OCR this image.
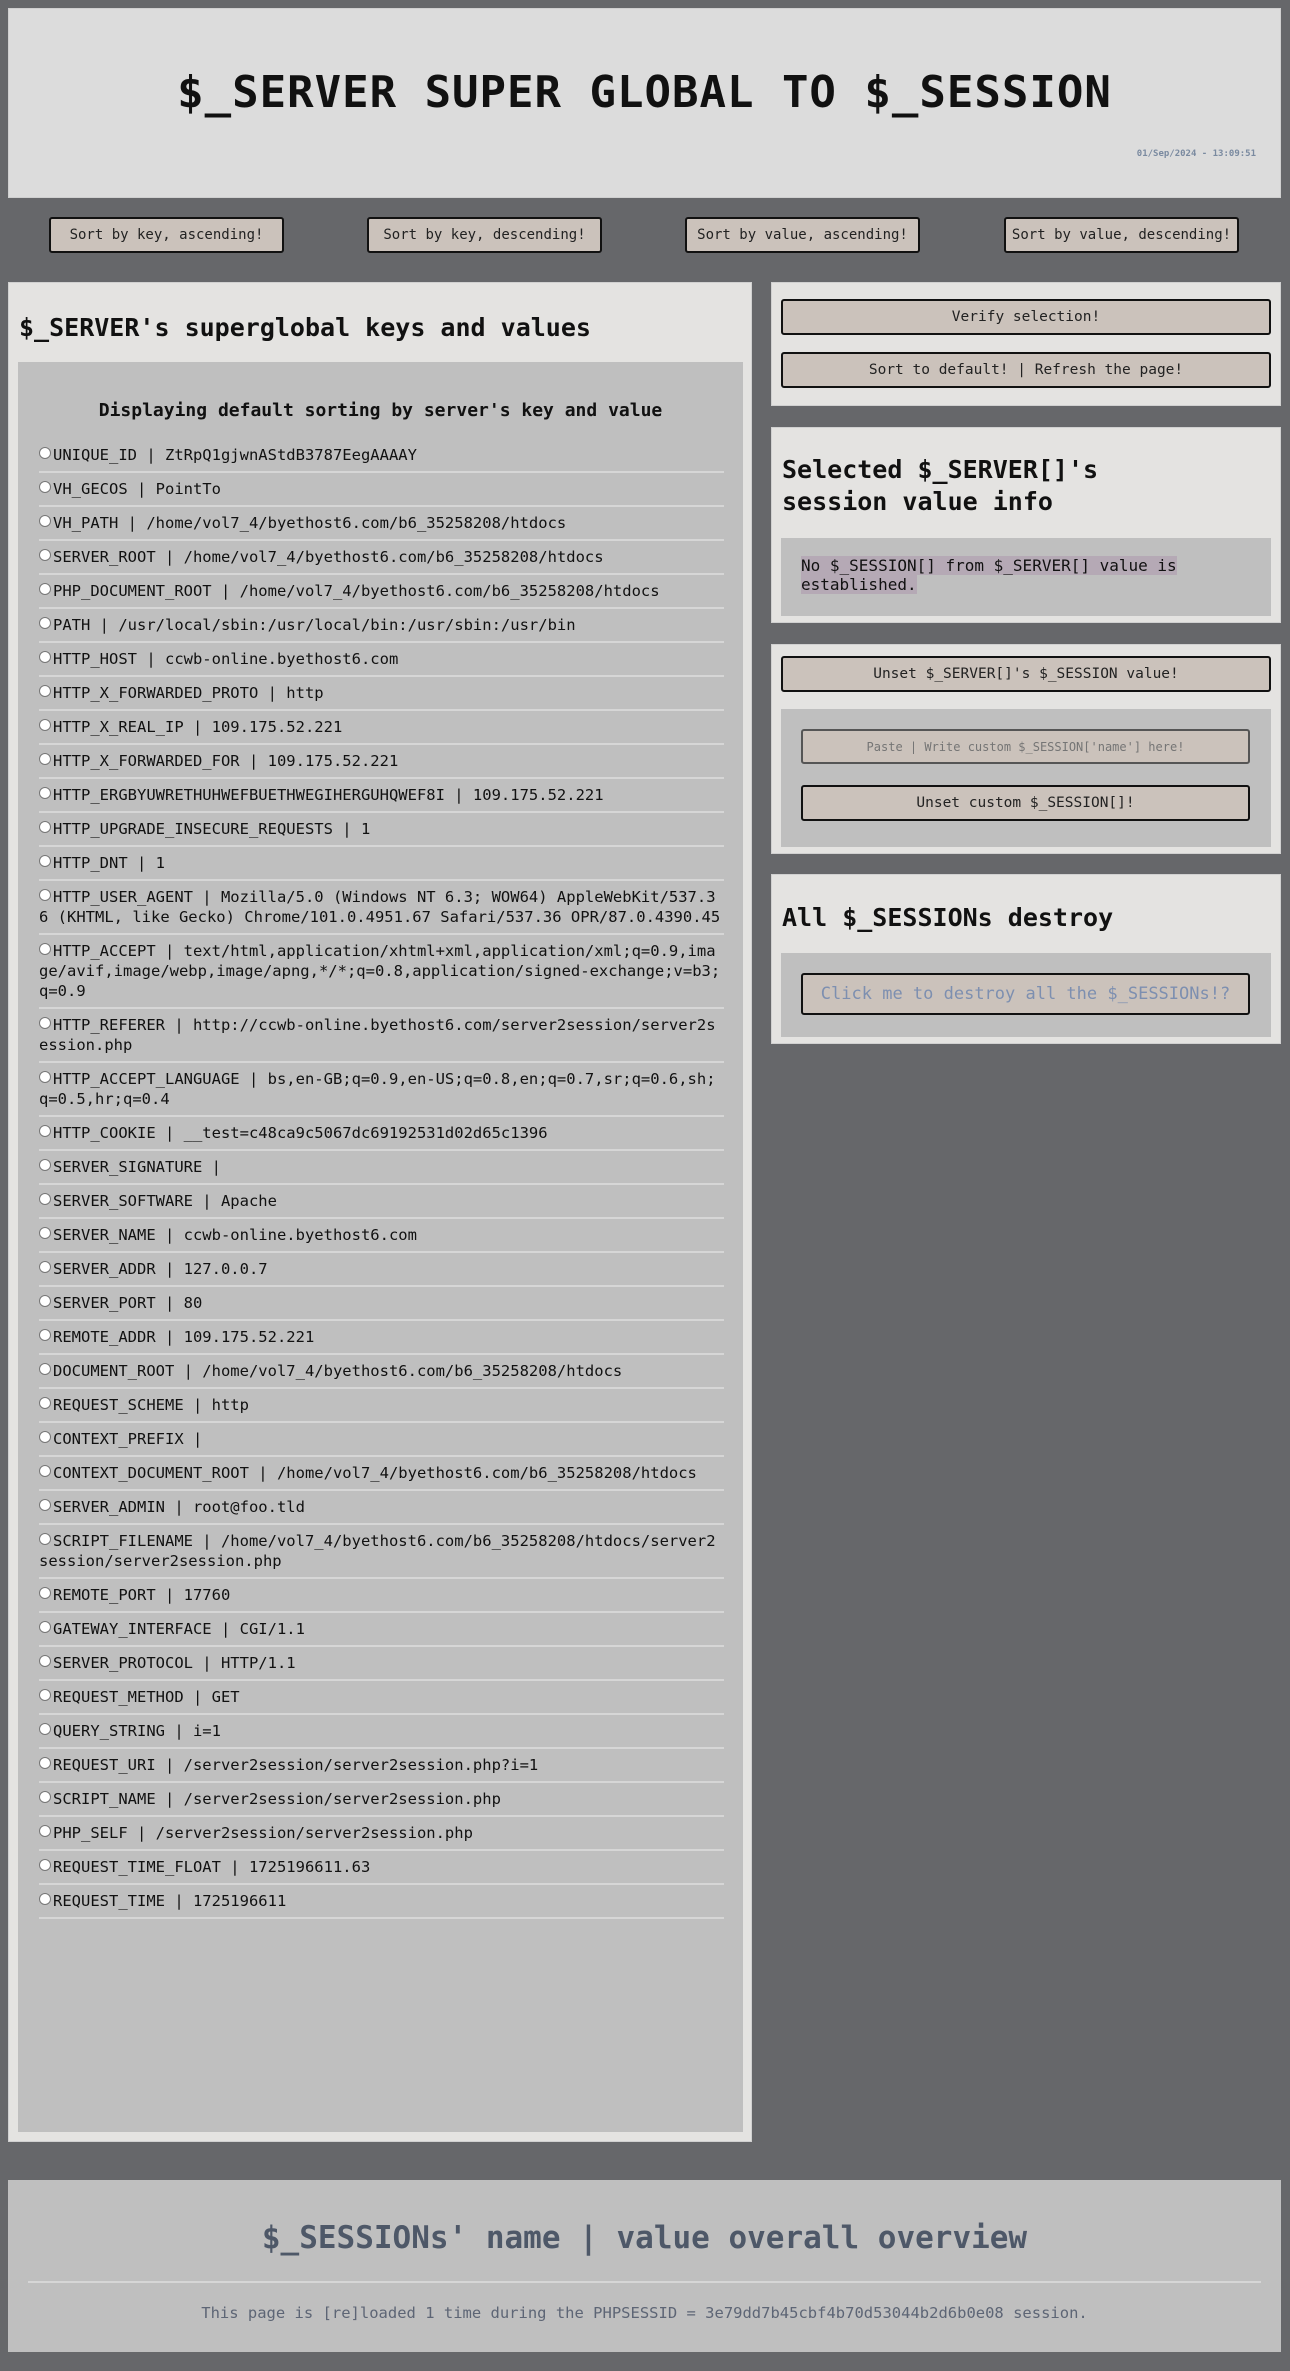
$_SERVER SUPER GLOBAL TO $_SESSION
01/Sep/2024 - 13:09:51
Sort by key, ascending!	Sort by key, descending!	Sort by value, ascending!	Sort by value, descending!
$_SERVER's superglobal keys and values
Displaying default sorting by server's key and value
UNIQUE_ID | ZtRpQ1gjwnAStdB3787EegAAAAY
VH_GECOS | PointTo
VH_PATH | /home/vol7_4/byethost6.com/b6_35258208/htdocs
SERVER_ROOT | /home/vol7_4/byethost6.com/b6_35258208/htdocs
PHP_DOCUMENT_ROOT | /home/vol7_4/byethost6.com/b6_35258208/htdocs
PATH | /usr/local/sbin:/usr/local/bin:/usr/sbin:/usr/bin
HTTP_HOST | ccwb-online.byethost6.com
HTTP_X_FORWARDED_PROTO | http
HTTP_X_REAL_IP | 109.175.52.221
HTTP_X_FORWARDED_FOR | 109.175.52.221
HTTP_ERGBYUWRETHUHWEFBUETHWEGIHERGUHQWEF8I | 109.175.52.221
HTTP_UPGRADE_INSECURE_REQUESTS | 1
HTTP_DNT | 1
HTTP_USER_AGENT | Mozilla/5.0 (Windows NT 6.3; WOW64) AppleWebKit/537.36 (KHTML, like Gecko) Chrome/101.0.4951.67 Safari/537.36 OPR/87.0.4390.45
HTTP_ACCEPT | text/html,application/xhtml+xml,application/xml;q=0.9,image/avif,image/webp,image/apng,*/*;q=0.8,application/signed-exchange;v=b3;q=0.9
HTTP_REFERER | http://ccwb-online.byethost6.com/server2session/server2session.php
HTTP_ACCEPT_LANGUAGE | bs,en-GB;q=0.9,en-US;q=0.8,en;q=0.7,sr;q=0.6,sh;q=0.5,hr;q=0.4
HTTP_COOKIE | __test=c48ca9c5067dc69192531d02d65c1396
SERVER_SIGNATURE |
SERVER_SOFTWARE | Apache
SERVER_NAME | ccwb-online.byethost6.com
SERVER_ADDR | 127.0.0.7
SERVER_PORT | 80
REMOTE_ADDR | 109.175.52.221
DOCUMENT_ROOT | /home/vol7_4/byethost6.com/b6_35258208/htdocs
REQUEST_SCHEME | http
CONTEXT_PREFIX |
CONTEXT_DOCUMENT_ROOT | /home/vol7_4/byethost6.com/b6_35258208/htdocs
SERVER_ADMIN | root@foo.tld
SCRIPT_FILENAME | /home/vol7_4/byethost6.com/b6_35258208/htdocs/server2session/server2session.php
REMOTE_PORT | 17760
GATEWAY_INTERFACE | CGI/1.1
SERVER_PROTOCOL | HTTP/1.1
REQUEST_METHOD | GET
QUERY_STRING | i=1
REQUEST_URI | /server2session/server2session.php?i=1
SCRIPT_NAME | /server2session/server2session.php
PHP_SELF | /server2session/server2session.php
REQUEST_TIME_FLOAT | 1725196611.63
REQUEST_TIME | 1725196611
Verify selection!
Sort to default! | Refresh the page!
Selected $_SERVER[]'s session value info
No $_SESSION[] from $_SERVER[] value is established.
Unset $_SERVER[]'s $_SESSION value!
Paste | Write custom $_SESSION['name'] here!
Unset custom $_SESSION[]!
All $_SESSIONs destroy
Click me to destroy all the $_SESSIONs!?
$_SESSIONs' name | value overall overview

This page is [re]loaded 1 time during the PHPSESSID = 3e79dd7b45cbf4b70d53044b2d6b0e08 session.
